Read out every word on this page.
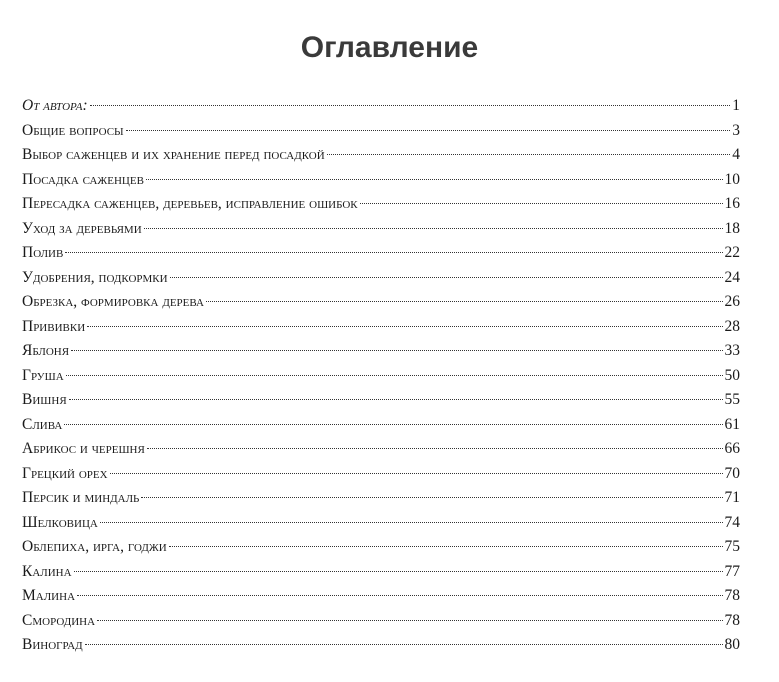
Оглавление
От автора:	1
Общие вопросы	3
Выбор саженцев и их хранение перед посадкой	4
Посадка саженцев	10
Пересадка саженцев, деревьев, исправление ошибок	16
Уход за деревьями	18
Полив	22
Удобрения, подкормки	24
Обрезка, формировка дерева	26
Прививки	28
Яблоня	33
Груша	50
Вишня	55
Слива	61
Абрикос и черешня	66
Грецкий орех	70
Персик и миндаль	71
Шелковица	74
Облепиха, ирга, годжи	75
Калина	77
Малина	78
Смородина	78
Виноград	80
